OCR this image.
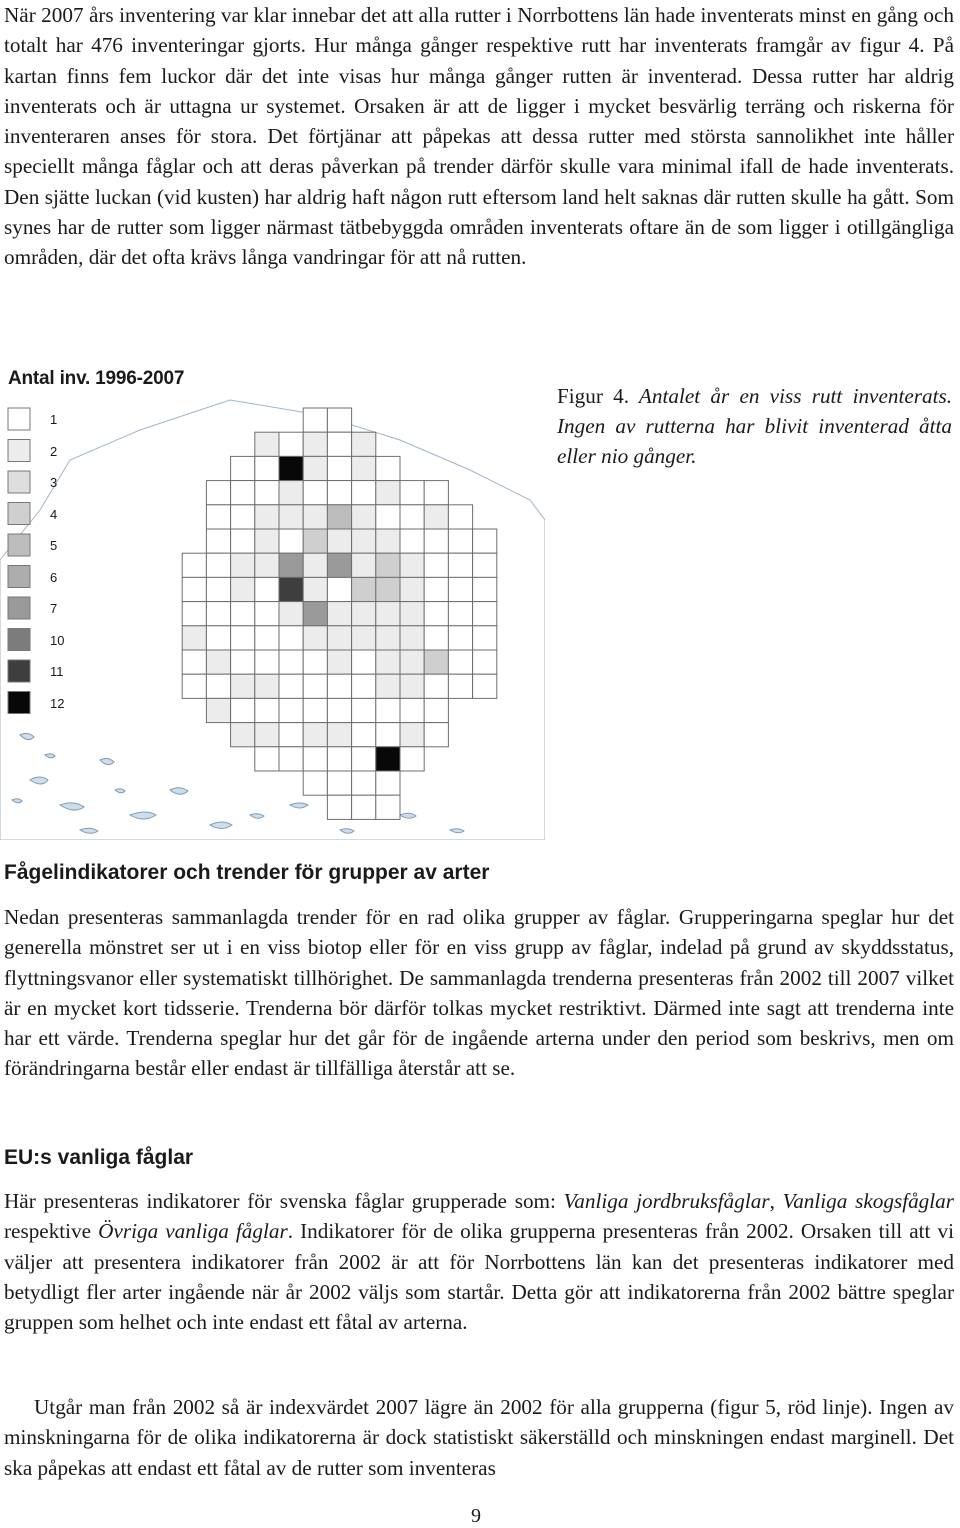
När 2007 års inventering var klar innebar det att alla rutter i Norrbottens län hade inventerats minst en gång och totalt har 476 inventeringar gjorts. Hur många gånger respektive rutt har inventerats framgår av figur 4. På kartan finns fem luckor där det inte visas hur många gånger rutten är inventerad. Dessa rutter har aldrig inventerats och är uttagna ur systemet. Orsaken är att de ligger i mycket besvärlig terräng och riskerna för inventeraren anses för stora. Det förtjänar att påpekas att dessa rutter med största sannolikhet inte håller speciellt många fåglar och att deras påverkan på trender därför skulle vara minimal ifall de hade inventerats. Den sjätte luckan (vid kusten) har aldrig haft någon rutt eftersom land helt saknas där rutten skulle ha gått. Som synes har de rutter som ligger närmast tätbebyggda områden inventerats oftare än de som ligger i otillgängliga områden, där det ofta krävs långa vandringar för att nå rutten.

Antal inv. 1996-2007
1
2
3
4
5
6
7
10
11
12
Figur 4. Antalet år en viss rutt inventerats. Ingen av rutterna har blivit inventerad åtta eller nio gånger.
Fågelindikatorer och trender för grupper av arter

Nedan presenteras sammanlagda trender för en rad olika grupper av fåglar. Grupperingarna speglar hur det generella mönstret ser ut i en viss biotop eller för en viss grupp av fåglar, indelad på grund av skyddsstatus, flyttningsvanor eller systematiskt tillhörighet. De sammanlagda trenderna presenteras från 2002 till 2007 vilket är en mycket kort tidsserie. Trenderna bör därför tolkas mycket restriktivt. Därmed inte sagt att trenderna inte har ett värde. Trenderna speglar hur det går för de ingående arterna under den period som beskrivs, men om förändringarna består eller endast är tillfälliga återstår att se.

EU:s vanliga fåglar

Här presenteras indikatorer för svenska fåglar grupperade som: Vanliga jordbruksfåglar, Vanliga skogsfåglar respektive Övriga vanliga fåglar. Indikatorer för de olika grupperna presenteras från 2002. Orsaken till att vi väljer att presentera indikatorer från 2002 är att för Norrbottens län kan det presenteras indikatorer med betydligt fler arter ingående när år 2002 väljs som startår. Detta gör att indikatorerna från 2002 bättre speglar gruppen som helhet och inte endast ett fåtal av arterna.

Utgår man från 2002 så är indexvärdet 2007 lägre än 2002 för alla grupperna (figur 5, röd linje). Ingen av minskningarna för de olika indikatorerna är dock statistiskt säkerställd och minskningen endast marginell. Det ska påpekas att endast ett fåtal av de rutter som inventeras

9
